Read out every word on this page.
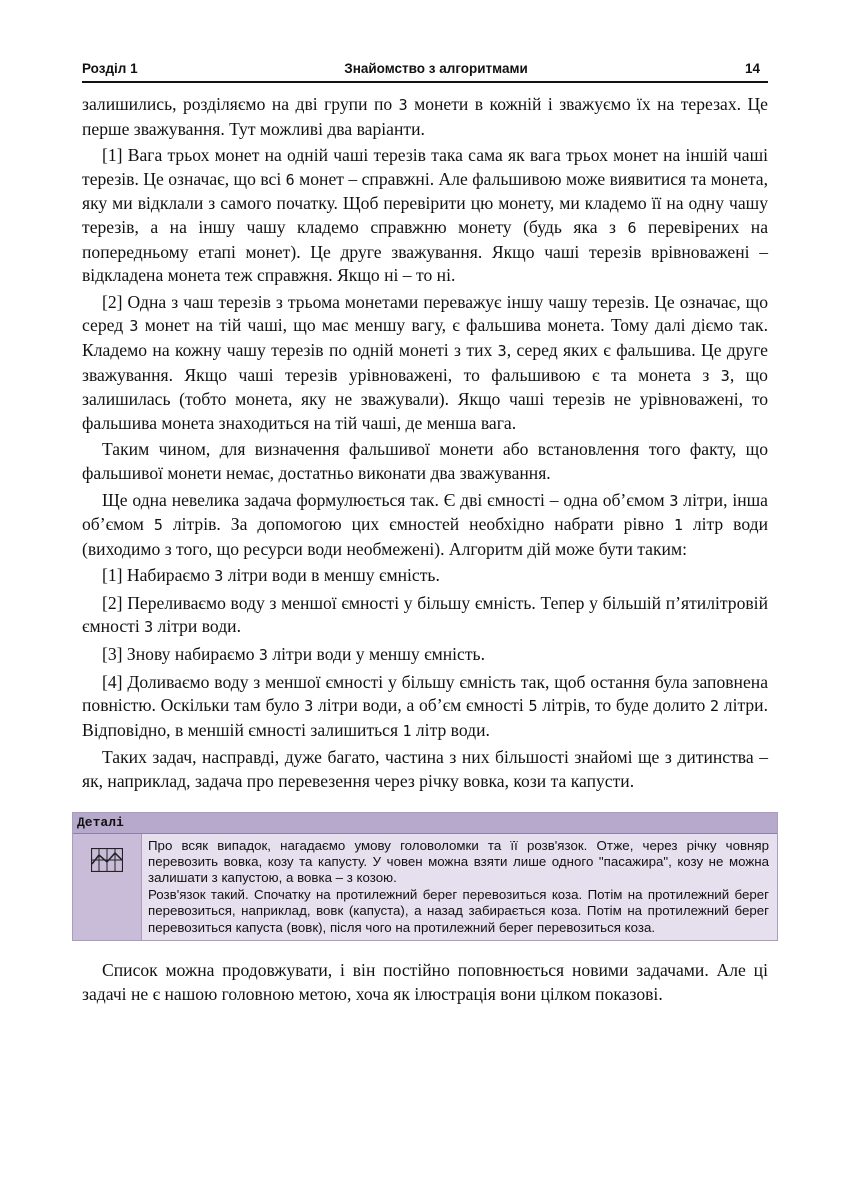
Розділ 1	Знайомство з алгоритмами	14

залишились, розділяємо на дві групи по 3 монети в кожній і зважуємо їх на терезах. Це перше зважування. Тут можливі два варіанти.

[1] Вага трьох монет на одній чаші терезів така сама як вага трьох монет на іншій чаші терезів. Це означає, що всі 6 монет – справжні. Але фальшивою може виявитися та монета, яку ми відклали з самого початку. Щоб перевірити цю монету, ми кладемо її на одну чашу терезів, а на іншу чашу кладемо справжню монету (будь яка з 6 перевірених на попередньому етапі монет). Це друге зважування. Якщо чаші терезів врівноважені – відкладена монета теж справжня. Якщо ні – то ні.

[2] Одна з чаш терезів з трьома монетами переважує іншу чашу терезів. Це означає, що серед 3 монет на тій чаші, що має меншу вагу, є фальшива монета. Тому далі діємо так. Кладемо на кожну чашу терезів по одній монеті з тих 3, серед яких є фальшива. Це друге зважування. Якщо чаші терезів урівноважені, то фальшивою є та монета з 3, що залишилась (тобто монета, яку не зважували). Якщо чаші терезів не урівноважені, то фальшива монета знаходиться на тій чаші, де менша вага.

Таким чином, для визначення фальшивої монети або встановлення того факту, що фальшивої монети немає, достатньо виконати два зважування.

Ще одна невелика задача формулюється так. Є дві ємності – одна об’ємом 3 літри, інша об’ємом 5 літрів. За допомогою цих ємностей необхідно набрати рівно 1 літр води (виходимо з того, що ресурси води необмежені). Алгоритм дій може бути таким:

[1] Набираємо 3 літри води в меншу ємність.

[2] Переливаємо воду з меншої ємності у більшу ємність. Тепер у більшій п’ятилітровій ємності 3 літри води.

[3] Знову набираємо 3 літри води у меншу ємність.

[4] Доливаємо воду з меншої ємності у більшу ємність так, щоб остання була заповнена повністю. Оскільки там було 3 літри води, а об’єм ємності 5 літрів, то буде долито 2 літри. Відповідно, в меншій ємності залишиться 1 літр води.

Таких задач, насправді, дуже багато, частина з них більшості знайомі ще з дитинства – як, наприклад, задача про перевезення через річку вовка, кози та капусти.

Деталі

Про всяк випадок, нагадаємо умову головоломки та її розв'язок. Отже, через річку човняр перевозить вовка, козу та капусту. У човен можна взяти лише одного "пасажира", козу не можна залишати з капустою, а вовка – з козою.

Розв'язок такий. Спочатку на протилежний берег перевозиться коза. Потім на протилежний берег перевозиться, наприклад, вовк (капуста), а назад забирається коза. Потім на протилежний берег перевозиться капуста (вовк), після чого на протилежний берег перевозиться коза.

Список можна продовжувати, і він постійно поповнюється новими задачами. Але ці задачі не є нашою головною метою, хоча як ілюстрація вони цілком показові.
